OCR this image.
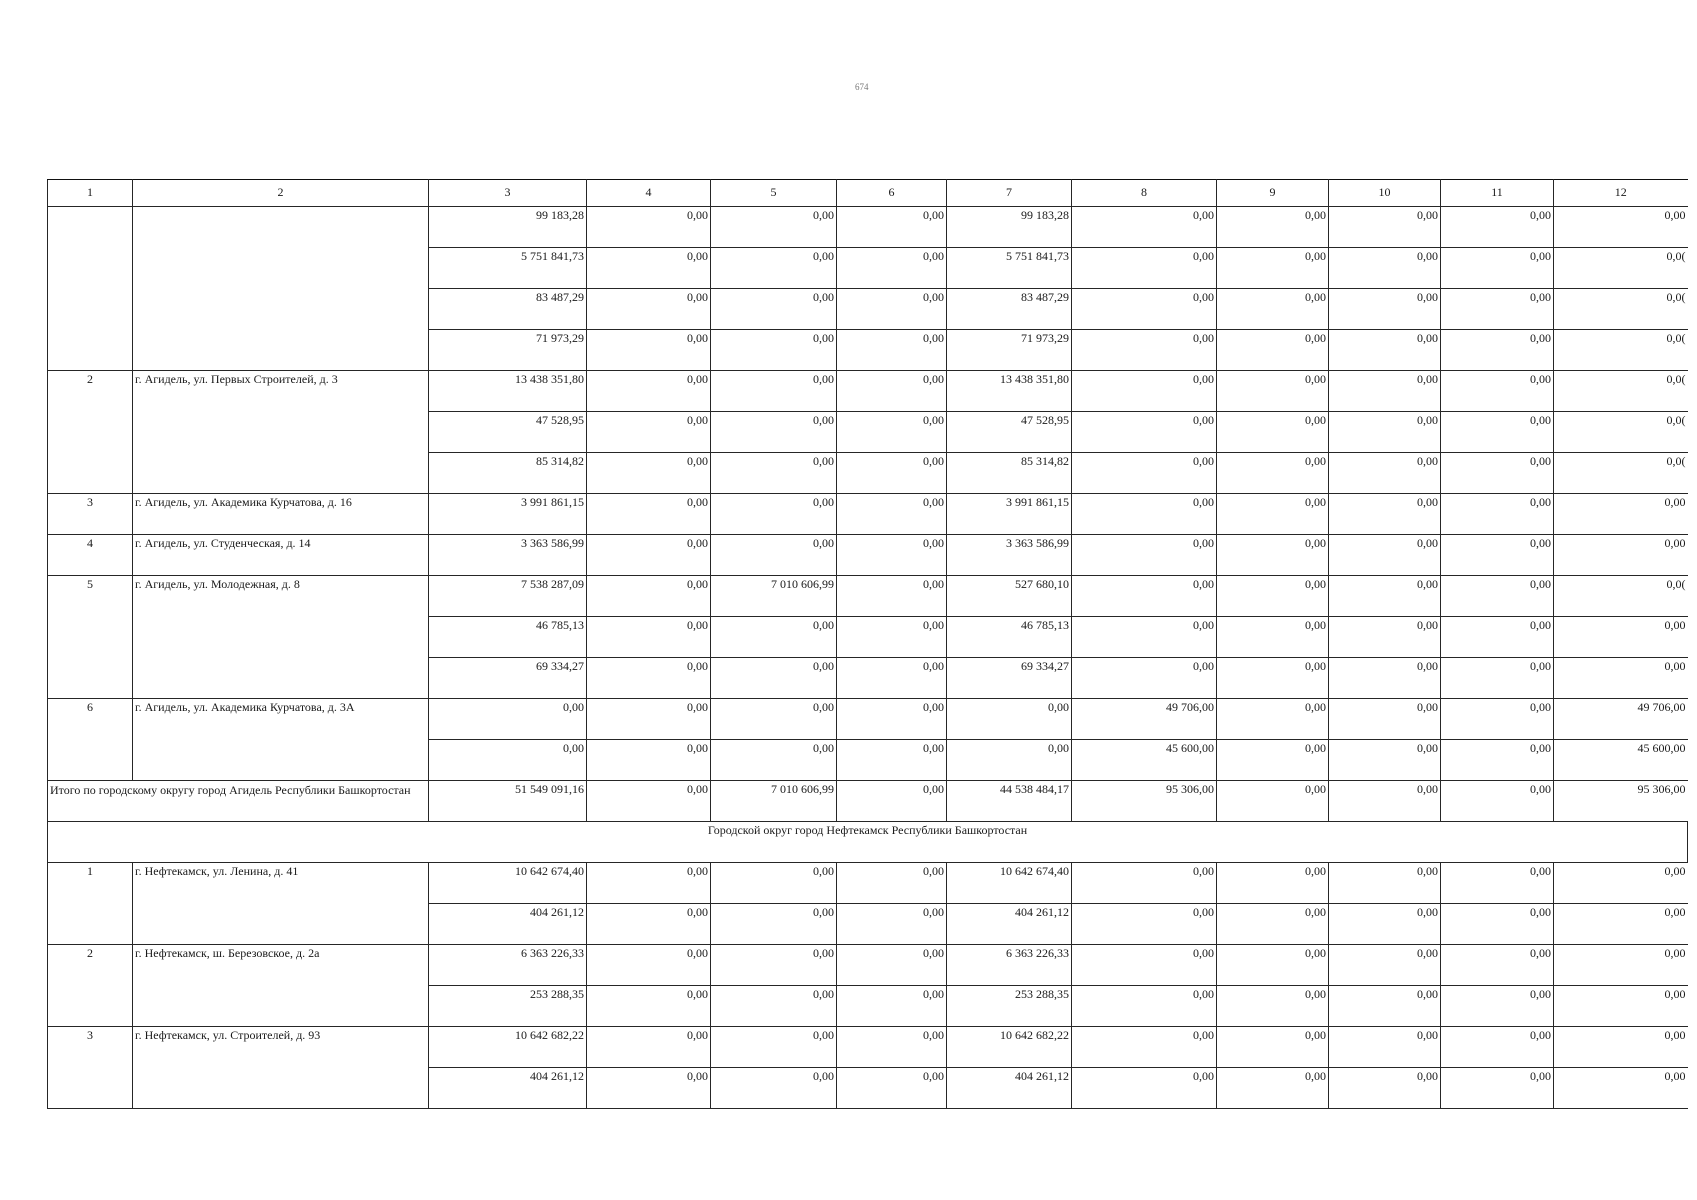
674
1	2	3	4	5	6	7	8	9	10	11	12
		99 183,28	0,00	0,00	0,00	99 183,28	0,00	0,00	0,00	0,00	0,00
		5 751 841,73	0,00	0,00	0,00	5 751 841,73	0,00	0,00	0,00	0,00	0,0(
		83 487,29	0,00	0,00	0,00	83 487,29	0,00	0,00	0,00	0,00	0,0(
		71 973,29	0,00	0,00	0,00	71 973,29	0,00	0,00	0,00	0,00	0,0(
2	г. Агидель, ул. Первых Строителей, д. 3	13 438 351,80	0,00	0,00	0,00	13 438 351,80	0,00	0,00	0,00	0,00	0,0(
		47 528,95	0,00	0,00	0,00	47 528,95	0,00	0,00	0,00	0,00	0,0(
		85 314,82	0,00	0,00	0,00	85 314,82	0,00	0,00	0,00	0,00	0,0(
3	г. Агидель, ул. Академика Курчатова, д. 16	3 991 861,15	0,00	0,00	0,00	3 991 861,15	0,00	0,00	0,00	0,00	0,00
4	г. Агидель, ул. Студенческая, д. 14	3 363 586,99	0,00	0,00	0,00	3 363 586,99	0,00	0,00	0,00	0,00	0,00
5	г. Агидель, ул. Молодежная, д. 8	7 538 287,09	0,00	7 010 606,99	0,00	527 680,10	0,00	0,00	0,00	0,00	0,0(
		46 785,13	0,00	0,00	0,00	46 785,13	0,00	0,00	0,00	0,00	0,00
		69 334,27	0,00	0,00	0,00	69 334,27	0,00	0,00	0,00	0,00	0,00
6	г. Агидель, ул. Академика Курчатова, д. 3А	0,00	0,00	0,00	0,00	0,00	49 706,00	0,00	0,00	0,00	49 706,00
		0,00	0,00	0,00	0,00	0,00	45 600,00	0,00	0,00	0,00	45 600,00
Итого по городскому округу город Агидель Республики Башкортостан		51 549 091,16	0,00	7 010 606,99	0,00	44 538 484,17	95 306,00	0,00	0,00	0,00	95 306,00
Городской округ город Нефтекамск Республики Башкортостан											
1	г. Нефтекамск, ул. Ленина, д. 41	10 642 674,40	0,00	0,00	0,00	10 642 674,40	0,00	0,00	0,00	0,00	0,00
		404 261,12	0,00	0,00	0,00	404 261,12	0,00	0,00	0,00	0,00	0,00
2	г. Нефтекамск, ш. Березовское, д. 2а	6 363 226,33	0,00	0,00	0,00	6 363 226,33	0,00	0,00	0,00	0,00	0,00
		253 288,35	0,00	0,00	0,00	253 288,35	0,00	0,00	0,00	0,00	0,00
3	г. Нефтекамск, ул. Строителей, д. 93	10 642 682,22	0,00	0,00	0,00	10 642 682,22	0,00	0,00	0,00	0,00	0,00
		404 261,12	0,00	0,00	0,00	404 261,12	0,00	0,00	0,00	0,00	0,00
